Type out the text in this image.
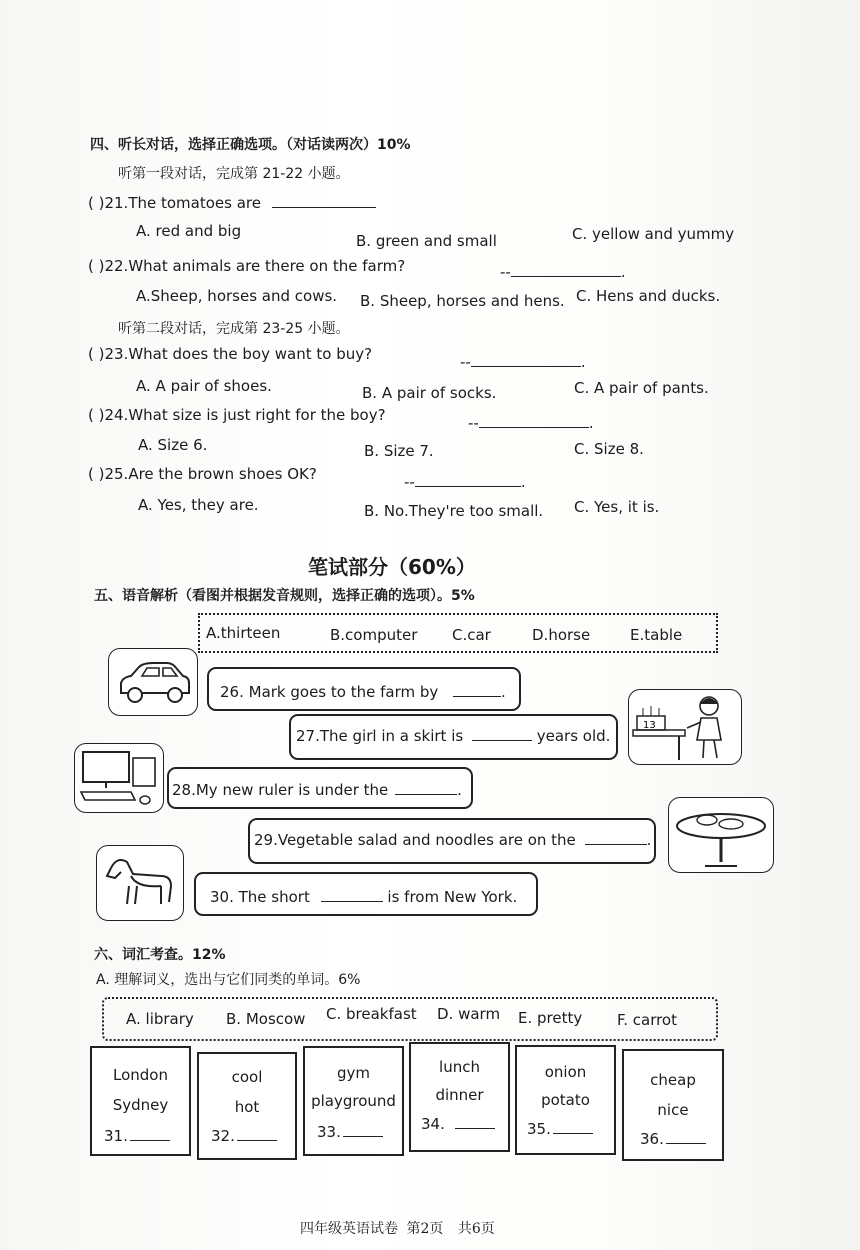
四、听长对话，选择正确选项。（对话读两次）10%
听第一段对话，完成第 21-22 小题。
( )21.The tomatoes are
A. red and big
B. green and small	C. yellow and yummy
( )22.What animals are there on the farm?	--	.
A.Sheep, horses and cows. B. Sheep, horses and hens. C. Hens and ducks.
听第二段对话，完成第 23-25 小题。
( )23.What does the boy want to buy?	--	.
A. A pair of shoes.	B. A pair of socks.	C. A pair of pants.
( )24.What size is just right for the boy?	--	.
A. Size 6.	B. Size 7.	C. Size 8.
( )25.Are the brown shoes OK?	--	.
A. Yes, they are.	B. No.They're too small. C. Yes, it is.
笔试部分（60%）
五、语音解析（看图并根据发音规则，选择正确的选项）。5%
A.thirteen	B.computer C.car	D.horse	E.table
26. Mark goes to the farm by	.
27.The girl in a skirt is	years old.
13
28.My new ruler is under the	.
29.Vegetable salad and noodles are on the	.
30. The short	is from New York.
六、词汇考查。12%
A. 理解词义，选出与它们同类的单词。6%
A. library B. Moscow C. breakfast D. warm E. pretty F. carrot
London
Sydney
31.
cool
hot
32.
gym
playground
33.
lunch
dinner
34.
onion
potato
35.
cheap
nice
36.
四年级英语试卷 第2页 共6页
